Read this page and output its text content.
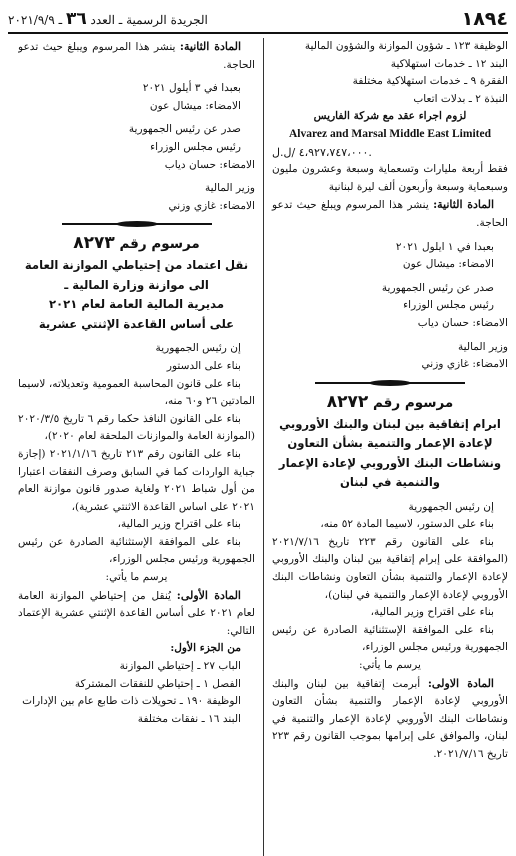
١٨٩٤
الجريدة الرسمية ـ العدد ٣٦ ـ ٢٠٢١/٩/٩

الوظيفة ١٢٣ ـ شؤون الموازنة والشؤون المالية

البند ١٢ ـ خدمات استهلاكية

الفقرة ٩ ـ خدمات استهلاكية مختلفة

النبذة ٢ ـ بدلات اتعاب

لزوم اجراء عقد مع شركة الفاريس

Alvarez and Marsal Middle East Limited

٤،٩٢٧،٧٤٧،٠٠٠ /ل.ل.

فقط أربعة مليارات وتسعماية وسبعة وعشرون مليون وسبعماية وسبعة وأربعون ألف ليرة لبنانية

المادة الثانية: ينشر هذا المرسوم ويبلغ حيث تدعو الحاجة.

بعبدا في ١ ايلول ٢٠٢١

الامضاء: ميشال عون

صدر عن رئيس الجمهورية

رئيس مجلس الوزراء

الامضاء: حسان دياب

وزير المالية

الامضاء: غازي وزني

مرسوم رقم ٨٢٧٢

ابرام إتفاقية بين لبنان والبنك الأوروبي لإعادة الإعمار والتنمية بشأن التعاون ونشاطات البنك الأوروبي لإعادة الإعمار والتنمية في لبنان

إن رئيس الجمهورية

بناء على الدستور، لاسيما المادة ٥٢ منه،

بناء على القانون رقم ٢٢٣ تاريخ ٢٠٢١/٧/١٦ (الموافقة على إبرام إتفاقية بين لبنان والبنك الأوروبي لإعادة الإعمار والتنمية بشأن التعاون ونشاطات البنك الأوروبي لإعادة الإعمار والتنمية في لبنان)،

بناء على اقتراح وزير المالية،

بناء على الموافقة الإستثنائية الصادرة عن رئيس الجمهورية ورئيس مجلس الوزراء،

يرسم ما يأتي:

المادة الاولى: أبرمت إتفاقية بين لبنان والبنك الأوروبي لإعادة الإعمار والتنمية بشأن التعاون ونشاطات البنك الأوروبي لإعادة الإعمار والتنمية في لبنان، والموافق على إبرامها بموجب القانون رقم ٢٢٣ تاريخ ٢٠٢١/٧/١٦.

المادة الثانية: ينشر هذا المرسوم ويبلغ حيث تدعو الحاجة.

بعبدا في ٣ أيلول ٢٠٢١

الامضاء: ميشال عون

صدر عن رئيس الجمهورية

رئيس مجلس الوزراء

الامضاء: حسان دياب

وزير المالية

الامضاء: غازي وزني

مرسوم رقم ٨٢٧٣

نقل اعتماد من إحتياطي الموازنة العامة

الى موازنة وزارة المالية ـ

مديرية المالية العامة لعام ٢٠٢١

على أساس القاعدة الإثنتي عشرية

إن رئيس الجمهورية

بناء على الدستور

بناء على قانون المحاسبة العمومية وتعديلاته، لاسيما المادتين ٢٦ و٦٠ منه،

بناء على القانون النافذ حكما رقم ٦ تاريخ ٢٠٢٠/٣/٥ (الموازنة العامة والموازنات الملحقة لعام ٢٠٢٠)،

بناء على القانون رقم ٢١٣ تاريخ ٢٠٢١/١/١٦ (إجازة جباية الواردات كما في السابق وصرف النفقات اعتبارا من أول شباط ٢٠٢١ ولغاية صدور قانون موازنة العام ٢٠٢١ على اساس القاعدة الاثنتي عشرية)،

بناء على اقتراح وزير المالية،

بناء على الموافقة الإستثنائية الصادرة عن رئيس الجمهورية ورئيس مجلس الوزراء،

يرسم ما يأتي:

المادة الأولى: يُنقل من إحتياطي الموازنة العامة لعام ٢٠٢١ على أساس القاعدة الإثنتي عشرية الإعتماد التالي:

من الجزء الأول:

الباب ٢٧ ـ إحتياطي الموازنة

الفصل ١ ـ إحتياطي للنفقات المشتركة

الوظيفة ١٩٠ ـ تحويلات ذات طابع عام بين الإدارات

البند ١٦ ـ نفقات مختلفة
